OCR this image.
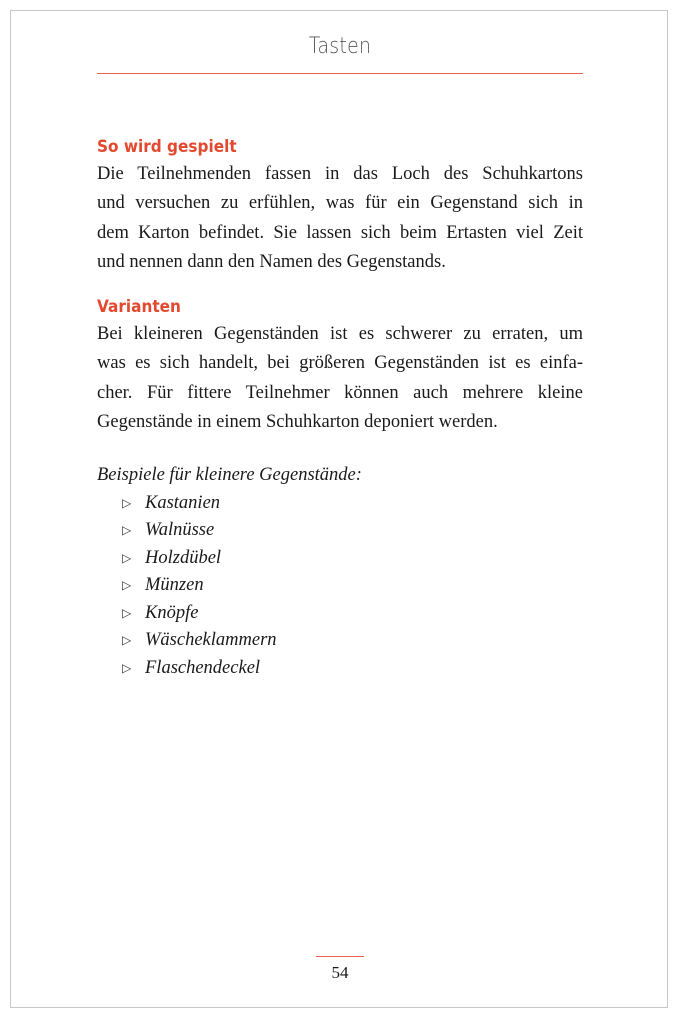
Tasten
So wird gespielt
Die Teilnehmenden fassen in das Loch des Schuhkartons
und versuchen zu erfühlen, was für ein Gegenstand sich in
dem Karton befindet. Sie lassen sich beim Ertasten viel Zeit
und nennen dann den Namen des Gegenstands.
Varianten
Bei kleineren Gegenständen ist es schwerer zu erraten, um
was es sich handelt, bei größeren Gegenständen ist es einfa-
cher. Für fittere Teilnehmer können auch mehrere kleine
Gegenstände in einem Schuhkarton deponiert werden.

Beispiele für kleinere Gegenstände:

▷ Kastanien
▷ Walnüsse
▷ Holzdübel
▷ Münzen
▷ Knöpfe
▷ Wäscheklammern
▷ Flaschendeckel
54
